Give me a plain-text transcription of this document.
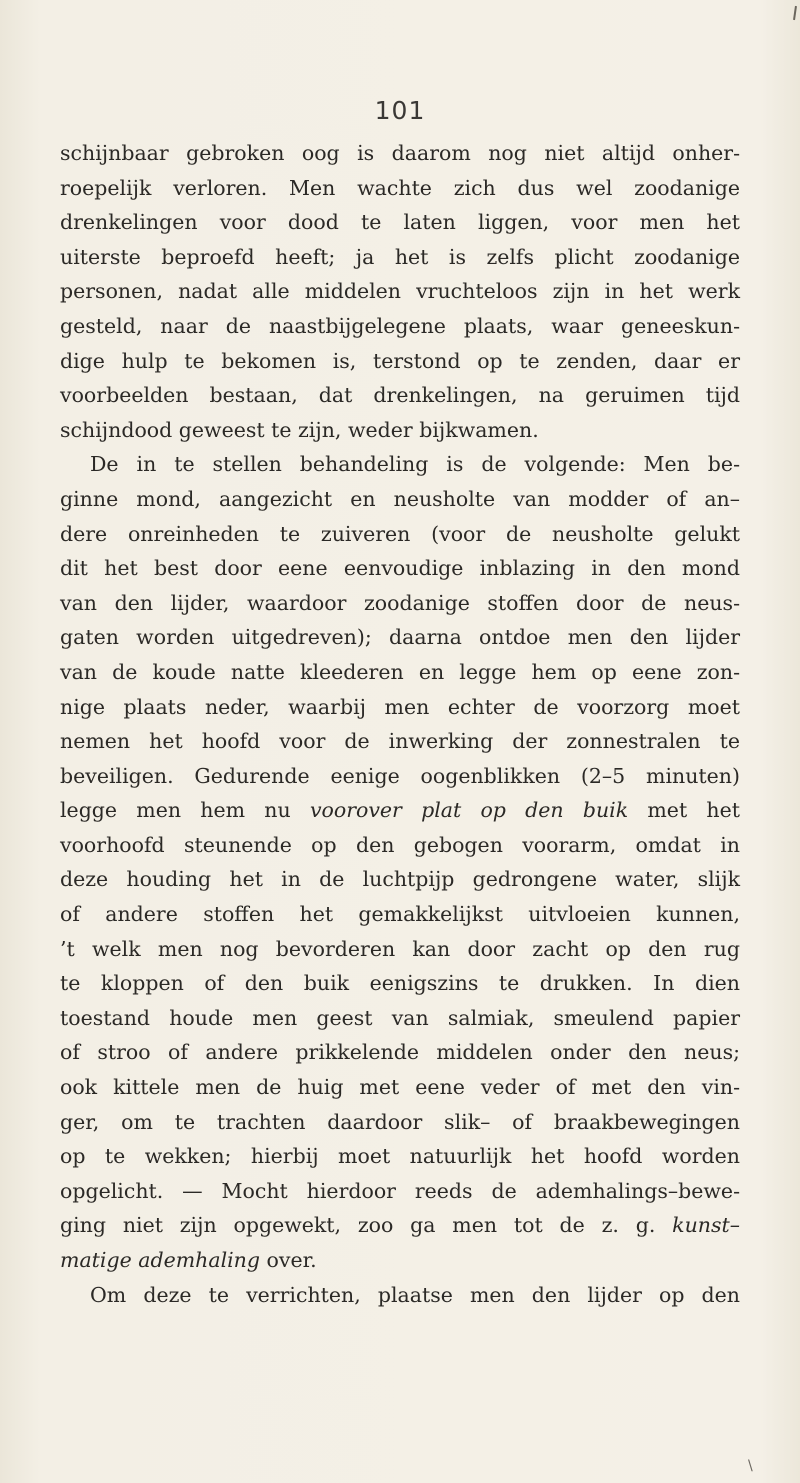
101
schijnbaar gebroken oog is daarom nog niet altijd onher-
roepelijk verloren. Men wachte zich dus wel zoodanige
drenkelingen voor dood te laten liggen, voor men het
uiterste beproefd heeft; ja het is zelfs plicht zoodanige
personen, nadat alle middelen vruchteloos zijn in het werk
gesteld, naar de naastbijgelegene plaats, waar geneeskun-
dige hulp te bekomen is, terstond op te zenden, daar er
voorbeelden bestaan, dat drenkelingen, na geruimen tijd
schijndood geweest te zijn, weder bijkwamen.
De in te stellen behandeling is de volgende: Men be-
ginne mond, aangezicht en neusholte van modder of an–
dere onreinheden te zuiveren (voor de neusholte gelukt
dit het best door eene eenvoudige inblazing in den mond
van den lijder, waardoor zoodanige stoffen door de neus-
gaten worden uitgedreven); daarna ontdoe men den lijder
van de koude natte kleederen en legge hem op eene zon-
nige plaats neder, waarbij men echter de voorzorg moet
nemen het hoofd voor de inwerking der zonnestralen te
beveiligen. Gedurende eenige oogenblikken (2–5 minuten)
legge men hem nu voorover plat op den buik met het
voorhoofd steunende op den gebogen voorarm, omdat in
deze houding het in de luchtpijp gedrongene water, slijk
of andere stoffen het gemakkelijkst uitvloeien kunnen,
’t welk men nog bevorderen kan door zacht op den rug
te kloppen of den buik eenigszins te drukken. In dien
toestand houde men geest van salmiak, smeulend papier
of stroo of andere prikkelende middelen onder den neus;
ook kittele men de huig met eene veder of met den vin-
ger, om te trachten daardoor slik– of braakbewegingen
op te wekken; hierbij moet natuurlijk het hoofd worden
opgelicht. — Mocht hierdoor reeds de ademhalings–bewe-
ging niet zijn opgewekt, zoo ga men tot de z. g. kunst–
matige ademhaling over.
Om deze te verrichten, plaatse men den lijder op den
\
